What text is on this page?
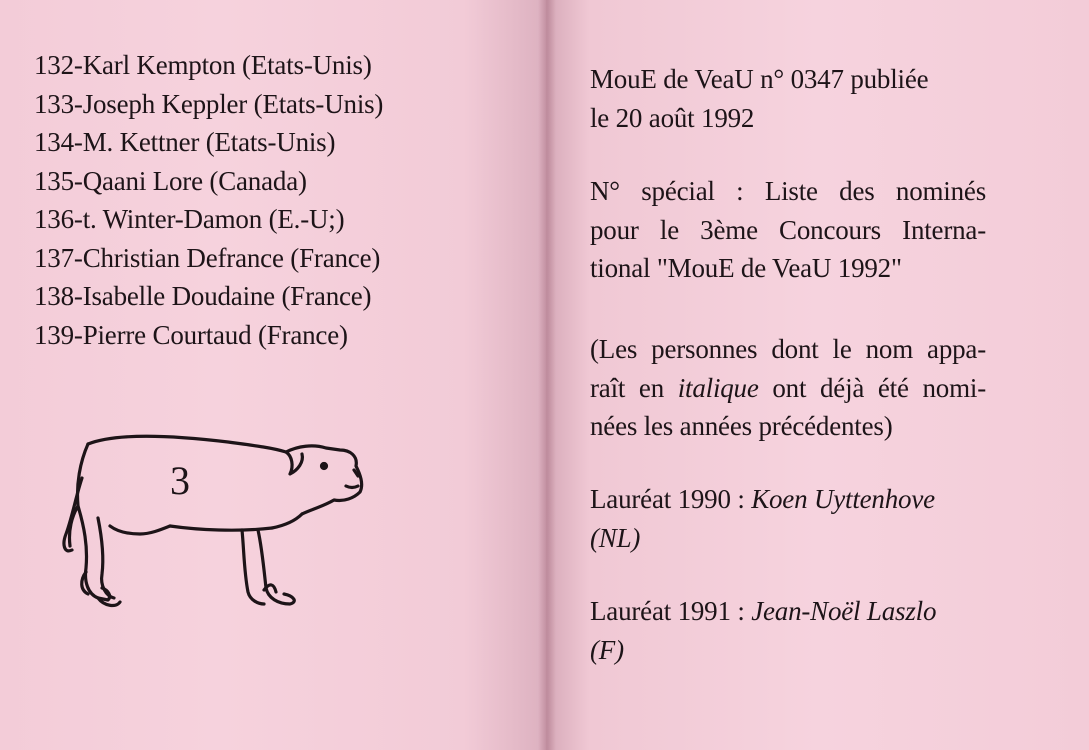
132-Karl Kempton (Etats-Unis)
133-Joseph Keppler (Etats-Unis)
134-M. Kettner (Etats-Unis)
135-Qaani Lore (Canada)
136-t. Winter-Damon (E.-U;)
137-Christian Defrance (France)
138-Isabelle Doudaine (France)
139-Pierre Courtaud (France)
3

MouE de VeaU n° 0347 publiée
le 20 août 1992

N° spécial : Liste des nominés
pour le 3ème Concours Interna-
tional "MouE de VeaU 1992"

(Les personnes dont le nom appa-
raît en italique ont déjà été nomi-
nées les années précédentes)

Lauréat 1990 : Koen Uyttenhove
(NL)

Lauréat 1991 : Jean-Noël Laszlo
(F)
